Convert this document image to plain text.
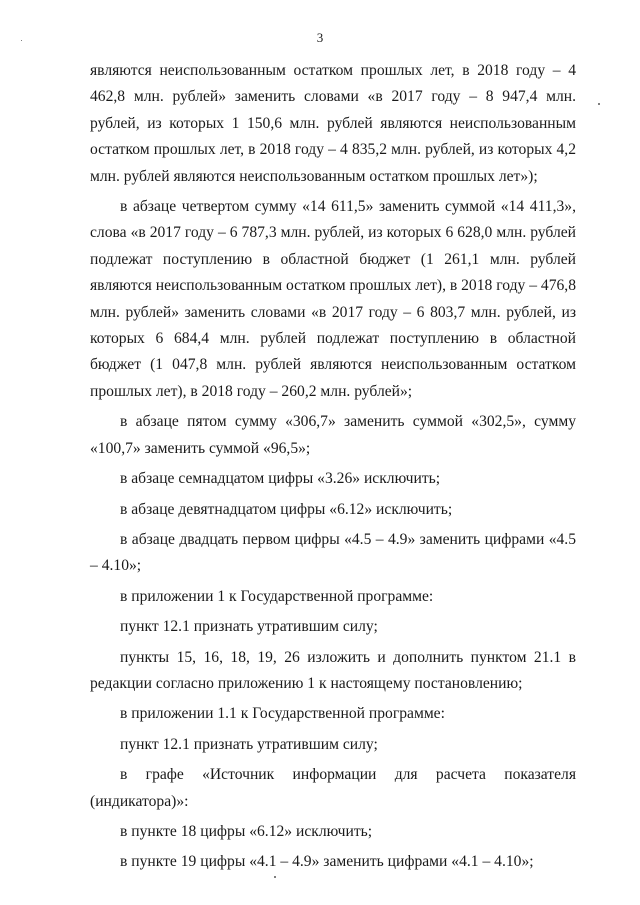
3

являются неиспользованным остатком прошлых лет, в 2018 году – 4 462,8 млн. рублей» заменить словами «в 2017 году – 8 947,4 млн. рублей, из которых 1 150,6 млн. рублей являются неиспользованным остатком прошлых лет, в 2018 году – 4 835,2 млн. рублей, из которых 4,2 млн. рублей являются неиспользованным остатком прошлых лет»);

в абзаце четвертом сумму «14 611,5» заменить суммой «14 411,3», слова «в 2017 году – 6 787,3 млн. рублей, из которых 6 628,0 млн. рублей подлежат поступлению в областной бюджет (1 261,1 млн. рублей являются неиспользованным остатком прошлых лет), в 2018 году – 476,8 млн. рублей» заменить словами «в 2017 году – 6 803,7 млн. рублей, из которых 6 684,4 млн. рублей подлежат поступлению в областной бюджет (1 047,8 млн. рублей являются неиспользованным остатком прошлых лет), в 2018 году – 260,2 млн. рублей»;

в абзаце пятом сумму «306,7» заменить суммой «302,5», сумму «100,7» заменить суммой «96,5»;

в абзаце семнадцатом цифры «3.26» исключить;

в абзаце девятнадцатом цифры «6.12» исключить;

в абзаце двадцать первом цифры «4.5 – 4.9» заменить цифрами «4.5 – 4.10»;

в приложении 1 к Государственной программе:

пункт 12.1 признать утратившим силу;

пункты 15, 16, 18, 19, 26 изложить и дополнить пунктом 21.1 в редакции согласно приложению 1 к настоящему постановлению;

в приложении 1.1 к Государственной программе:

пункт 12.1 признать утратившим силу;

в графе «Источник информации для расчета показателя (индикатора)»:

в пункте 18 цифры «6.12» исключить;

в пункте 19 цифры «4.1 – 4.9» заменить цифрами «4.1 – 4.10»;
